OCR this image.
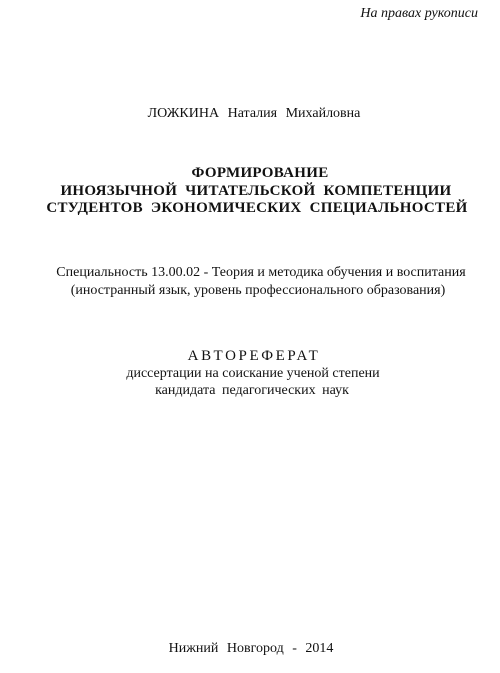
На правах рукописи
ЛОЖКИНА Наталия Михайловна
ФОРМИРОВАНИЕ
ИНОЯЗЫЧНОЙ ЧИТАТЕЛЬСКОЙ КОМПЕТЕНЦИИ
СТУДЕНТОВ ЭКОНОМИЧЕСКИХ СПЕЦИАЛЬНОСТЕЙ
Специальность 13.00.02 - Теория и методика обучения и воспитания
(иностранный язык, уровень профессионального образования)
АВТОРЕФЕРАТ
диссертации на соискание ученой степени
кандидата педагогических наук
Нижний Новгород - 2014
